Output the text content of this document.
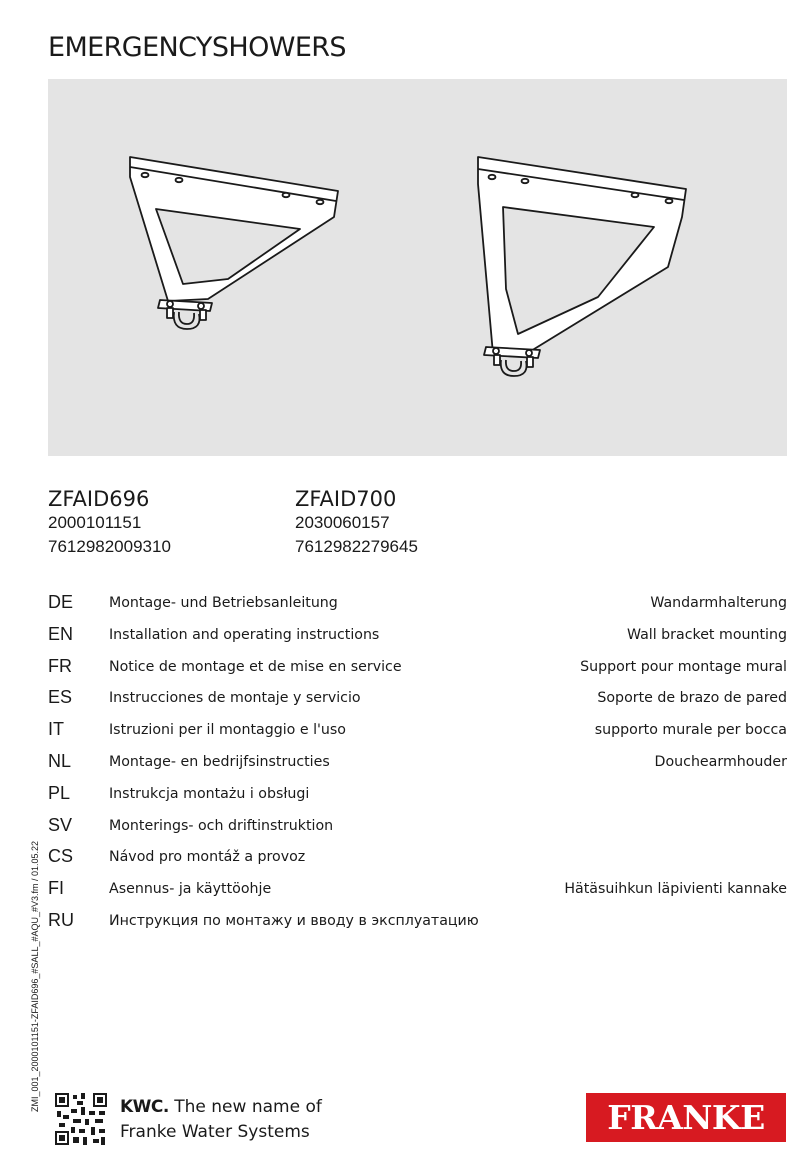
EMERGENCYSHOWERS
ZFAID696
2000101151
7612982009310
ZFAID700
2030060157
7612982279645
DE	Montage- und Betriebsanleitung	Wandarmhalterung
EN	Installation and operating instructions	Wall bracket mounting
FR	Notice de montage et de mise en service	Support pour montage mural
ES	Instrucciones de montaje y servicio	Soporte de brazo de pared
IT	Istruzioni per il montaggio e l'uso	supporto murale per bocca
NL	Montage- en bedrijfsinstructies	Douchearmhouder
PL	Instrukcja montażu i obsługi
SV	Monterings- och driftinstruktion
CS	Návod pro montáž a provoz
FI	Asennus- ja käyttöohje	Hätäsuihkun läpivienti kannake
RU Инструкция по монтажу и вводу в эксплуатацию
ZMI_001_2000101151-ZFAID696_#SALL_#AQU_#V3.fm / 01.05.22	KWC. The new name of
Franke Water Systems	FRANKE
